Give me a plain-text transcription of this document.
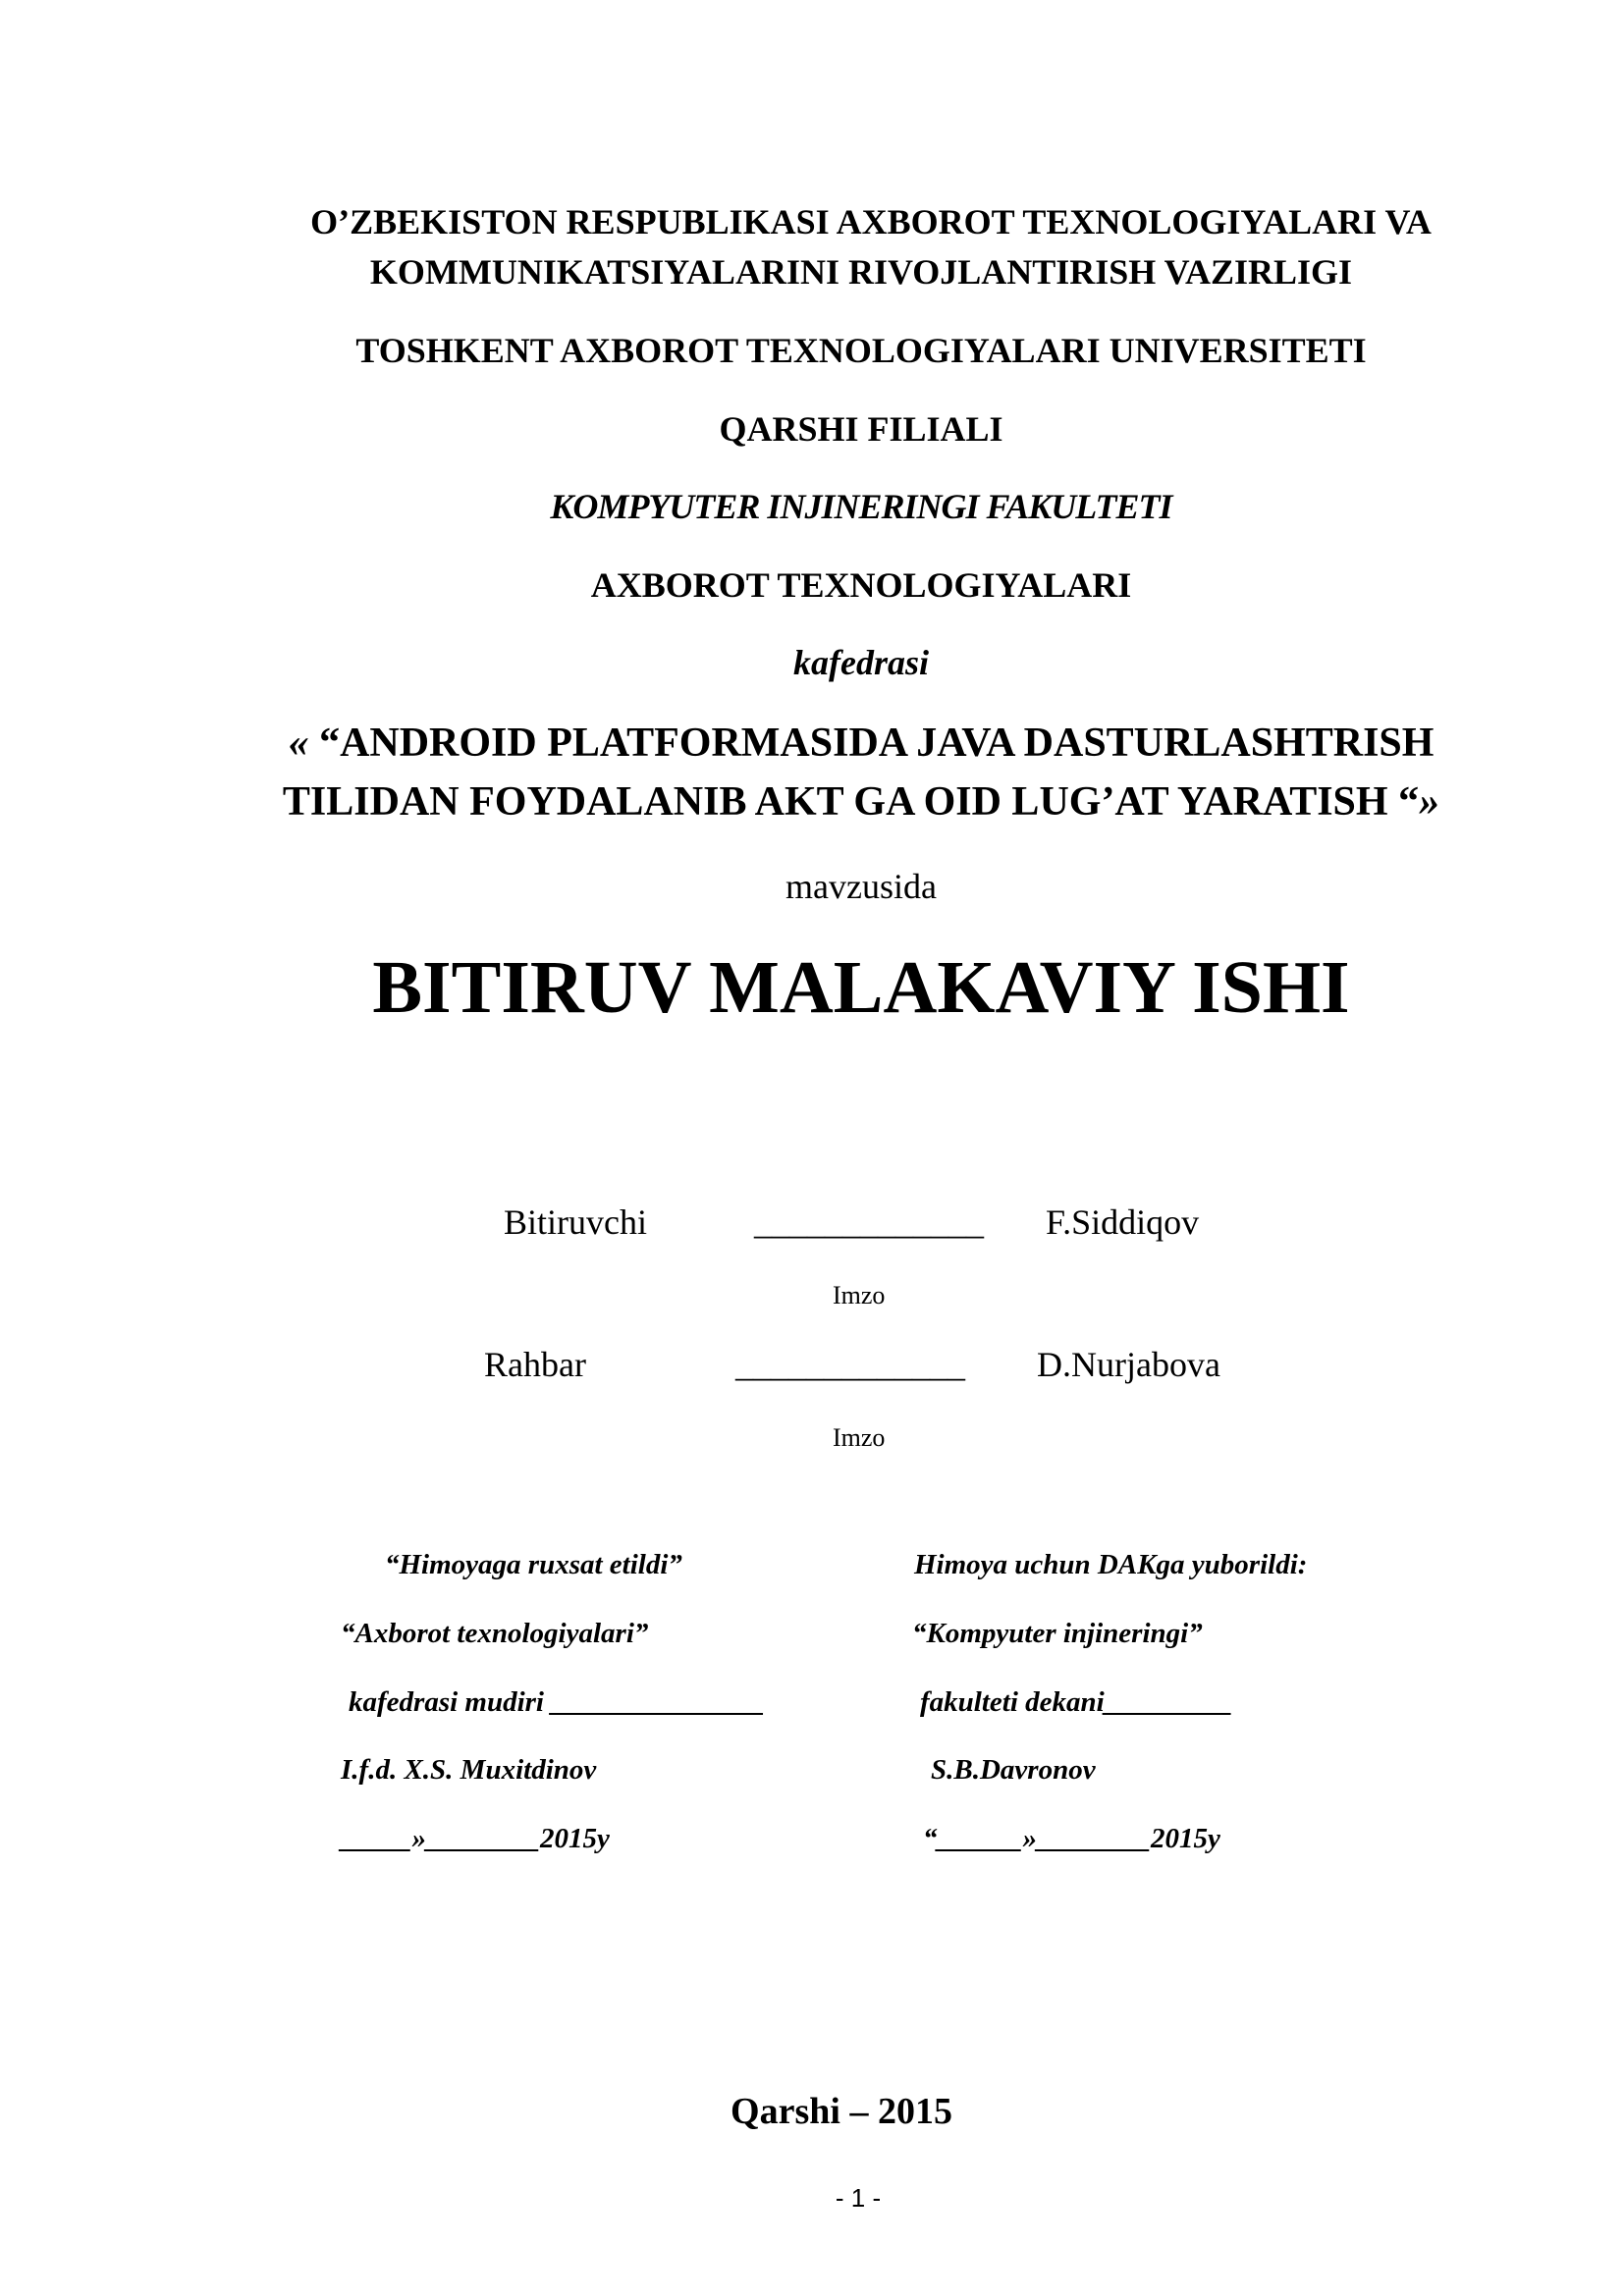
O’ZBEKISTON RESPUBLIKASI AXBOROT TEXNOLOGIYALARI VA
KOMMUNIKATSIYALARINI RIVOJLANTIRISH VAZIRLIGI
TOSHKENT AXBOROT TEXNOLOGIYALARI UNIVERSITETI
QARSHI FILIALI
KOMPYUTER INJINERINGI FAKULTETI
AXBOROT TEXNOLOGIYALARI
kafedrasi
« “ANDROID PLATFORMASIDA JAVA DASTURLASHTRISH
TILIDAN FOYDALANIB AKT GA OID LUG’AT YARATISH “»
mavzusida
BITIRUV MALAKAVIY ISHI
Bitiruvchi	_____________ F.Siddiqov
Imzo
Rahbar	_____________ D.Nurjabova
Imzo
“Himoyaga ruxsat etildi”
“Axborot texnologiyalari”
kafedrasi mudiri _______________
I.f.d. X.S. Muxitdinov
_____»________2015y
Himoya uchun DAKga yuborildi:
“Kompyuter injineringi”
fakulteti dekani_________
S.B.Davronov
“______»________2015y
Qarshi – 2015
- 1 -
